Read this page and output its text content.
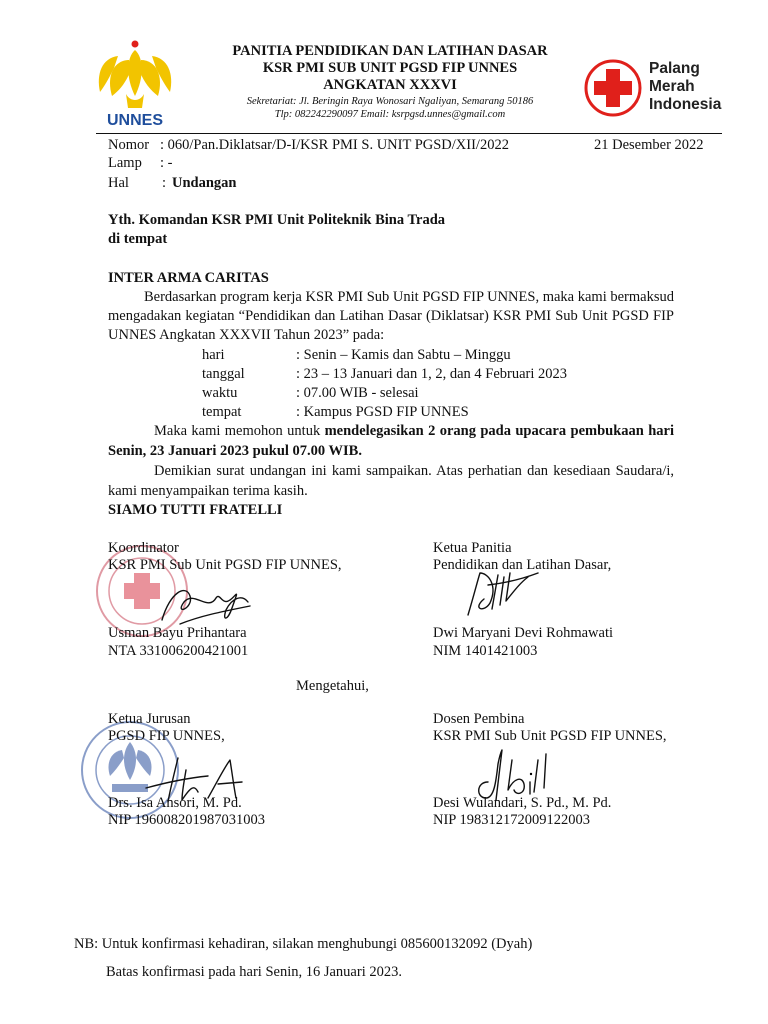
UNNES
PANITIA PENDIDIKAN DAN LATIHAN DASAR
KSR PMI SUB UNIT PGSD FIP UNNES
ANGKATAN XXXVI
Sekretariat: Jl. Beringin Raya Wonosari Ngaliyan, Semarang 50186
Tlp: 082242290097 Email: ksrpgsd.unnes@gmail.com
Palang
Merah
Indonesia
Nomor : 060/Pan.Diklatsar/D-I/KSR PMI S. UNIT PGSD/XII/2022	21 Desember 2022
Lamp : -
Hal : Undangan
Yth. Komandan KSR PMI Unit Politeknik Bina Trada
di tempat
INTER ARMA CARITAS
Berdasarkan program kerja KSR PMI Sub Unit PGSD FIP UNNES, maka kami bermaksud mengadakan kegiatan “Pendidikan dan Latihan Dasar (Diklatsar) KSR PMI Sub Unit PGSD FIP UNNES Angkatan XXXVII Tahun 2023” pada:
hari	: Senin – Kamis dan Sabtu – Minggu
tanggal	: 23 – 13 Januari dan 1, 2, dan 4 Februari 2023
waktu	: 07.00 WIB - selesai
tempat	: Kampus PGSD FIP UNNES
Maka kami memohon untuk mendelegasikan 2 orang pada upacara pembukaan hari Senin, 23 Januari 2023 pukul 07.00 WIB.
Demikian surat undangan ini kami sampaikan. Atas perhatian dan kesediaan Saudara/i, kami menyampaikan terima kasih.
SIAMO TUTTI FRATELLI
Koordinator
KSR PMI Sub Unit PGSD FIP UNNES,
Usman Bayu Prihantara
NTA 331006200421001
Ketua Panitia
Pendidikan dan Latihan Dasar,
Dwi Maryani Devi Rohmawati
NIM 1401421003
Mengetahui,
Ketua Jurusan
PGSD FIP UNNES,
Drs. Isa Ansori, M. Pd.
NIP 196008201987031003
Dosen Pembina
KSR PMI Sub Unit PGSD FIP UNNES,
Desi Wulandari, S. Pd., M. Pd.
NIP 198312172009122003
NB: Untuk konfirmasi kehadiran, silakan menghubungi 085600132092 (Dyah)
Batas konfirmasi pada hari Senin, 16 Januari 2023.
